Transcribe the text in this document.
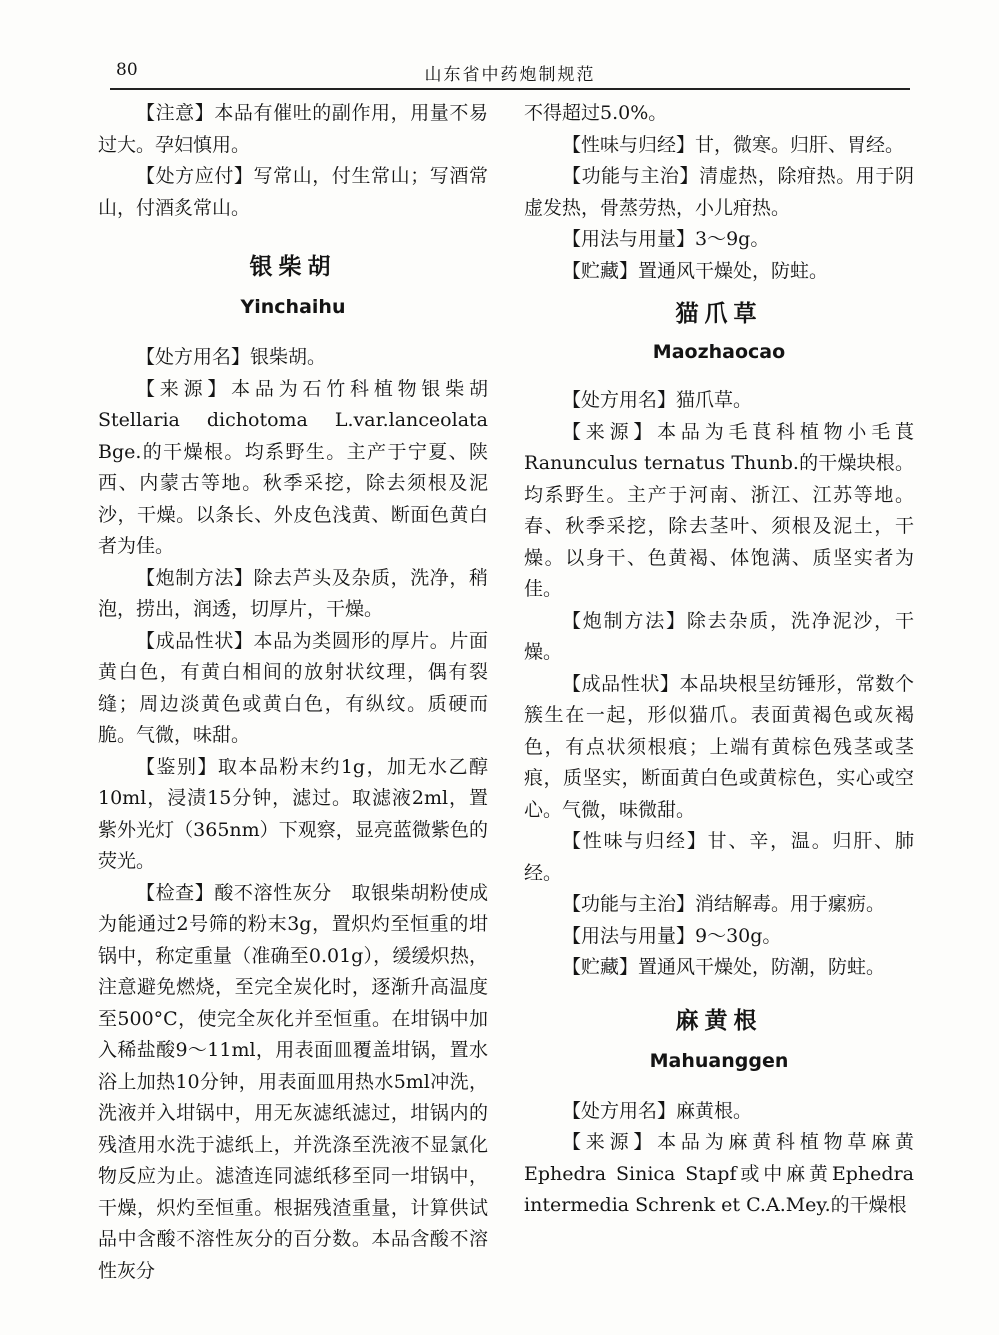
80	山东省中药炮制规范

【注意】本品有催吐的副作用，用量不易过大。孕妇慎用。

【处方应付】写常山，付生常山；写酒常山，付酒炙常山。

银柴胡
Yinchaihu

【处方用名】银柴胡。

【来源】本品为石竹科植物银柴胡Stellaria dichotoma L.var.lanceolata Bge.的干燥根。均系野生。主产于宁夏、陕西、内蒙古等地。秋季采挖，除去须根及泥沙，干燥。以条长、外皮色浅黄、断面色黄白者为佳。

【炮制方法】除去芦头及杂质，洗净，稍泡，捞出，润透，切厚片，干燥。

【成品性状】本品为类圆形的厚片。片面黄白色，有黄白相间的放射状纹理，偶有裂缝；周边淡黄色或黄白色，有纵纹。质硬而脆。气微，味甜。

【鉴别】取本品粉末约1g，加无水乙醇10ml，浸渍15分钟，滤过。取滤液2ml，置紫外光灯（365nm）下观察，显亮蓝微紫色的荧光。

【检查】酸不溶性灰分　取银柴胡粉使成为能通过2号筛的粉末3g，置炽灼至恒重的坩锅中，称定重量（准确至0.01g），缓缓炽热，注意避免燃烧，至完全炭化时，逐渐升高温度至500°C，使完全灰化并至恒重。在坩锅中加入稀盐酸9～11ml，用表面皿覆盖坩锅，置水浴上加热10分钟，用表面皿用热水5ml冲洗，洗液并入坩锅中，用无灰滤纸滤过，坩锅内的残渣用水洗于滤纸上，并洗涤至洗液不显氯化物反应为止。滤渣连同滤纸移至同一坩锅中，干燥，炽灼至恒重。根据残渣重量，计算供试品中含酸不溶性灰分的百分数。本品含酸不溶性灰分

不得超过5.0%。

【性味与归经】甘，微寒。归肝、胃经。

【功能与主治】清虚热，除疳热。用于阴虚发热，骨蒸劳热，小儿疳热。

【用法与用量】3～9g。

【贮藏】置通风干燥处，防蛀。

猫爪草
Maozhaocao

【处方用名】猫爪草。

【来源】本品为毛茛科植物小毛茛Ranunculus ternatus Thunb.的干燥块根。均系野生。主产于河南、浙江、江苏等地。春、秋季采挖，除去茎叶、须根及泥土，干燥。以身干、色黄褐、体饱满、质坚实者为佳。

【炮制方法】除去杂质，洗净泥沙，干燥。

【成品性状】本品块根呈纺锤形，常数个簇生在一起，形似猫爪。表面黄褐色或灰褐色，有点状须根痕；上端有黄棕色残茎或茎痕，质坚实，断面黄白色或黄棕色，实心或空心。气微，味微甜。

【性味与归经】甘、辛，温。归肝、肺经。

【功能与主治】消结解毒。用于瘰疬。

【用法与用量】9～30g。

【贮藏】置通风干燥处，防潮，防蛀。

麻黄根
Mahuanggen

【处方用名】麻黄根。

【来源】本品为麻黄科植物草麻黄Ephedra Sinica Stapf或中麻黄Ephedra intermedia Schrenk et C.A.Mey.的干燥根
